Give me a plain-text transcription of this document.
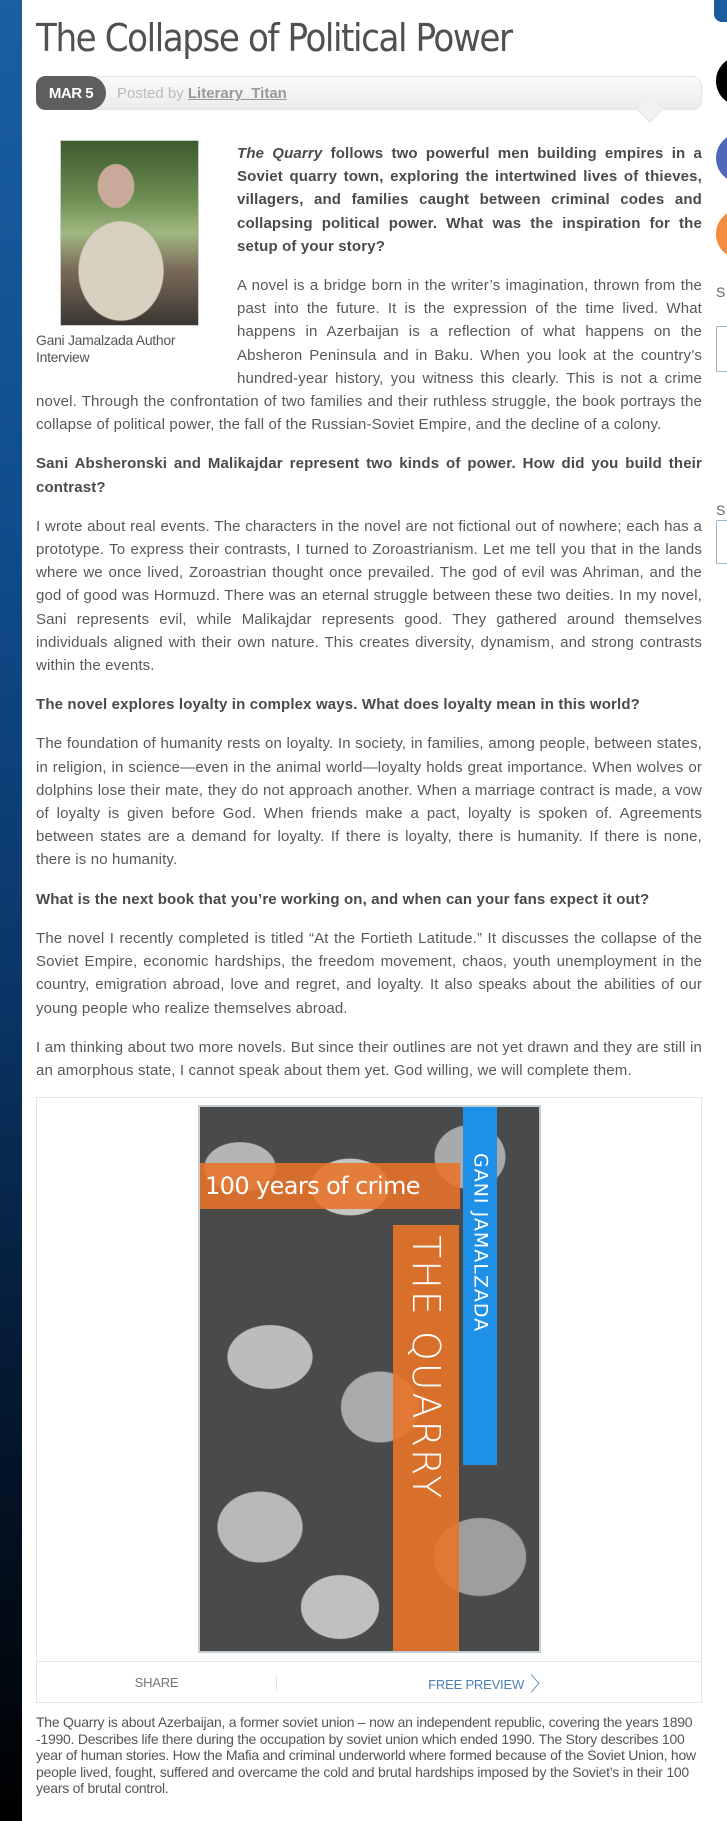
The Collapse of Political Power
MAR 5	Posted by Literary_Titan
Gani Jamalzada Author Interview

The Quarry follows two powerful men building empires in a Soviet quarry town, exploring the intertwined lives of thieves, villagers, and families caught between criminal codes and collapsing political power. What was the inspiration for the setup of your story?

A novel is a bridge born in the writer’s imagination, thrown from the past into the future. It is the expression of the time lived. What happens in Azerbaijan is a reflection of what happens on the Absheron Peninsula and in Baku. When you look at the country’s hundred-year history, you witness this clearly. This is not a crime novel. Through the confrontation of two families and their ruthless struggle, the book portrays the collapse of political power, the fall of the Russian-Soviet Empire, and the decline of a colony.

Sani Absheronski and Malikajdar represent two kinds of power. How did you build their contrast?

I wrote about real events. The characters in the novel are not fictional out of nowhere; each has a prototype. To express their contrasts, I turned to Zoroastrianism. Let me tell you that in the lands where we once lived, Zoroastrian thought once prevailed. The god of evil was Ahriman, and the god of good was Hormuzd. There was an eternal struggle between these two deities. In my novel, Sani represents evil, while Malikajdar represents good. They gathered around themselves individuals aligned with their own nature. This creates diversity, dynamism, and strong contrasts within the events.

The novel explores loyalty in complex ways. What does loyalty mean in this world?

The foundation of humanity rests on loyalty. In society, in families, among people, between states, in religion, in science—even in the animal world—loyalty holds great importance. When wolves or dolphins lose their mate, they do not approach another. When a marriage contract is made, a vow of loyalty is given before God. When friends make a pact, loyalty is spoken of. Agreements between states are a demand for loyalty. If there is loyalty, there is humanity. If there is none, there is no humanity.

What is the next book that you’re working on, and when can your fans expect it out?

The novel I recently completed is titled “At the Fortieth Latitude.” It discusses the collapse of the Soviet Empire, economic hardships, the freedom movement, chaos, youth unemployment in the country, emigration abroad, love and regret, and loyalty. It also speaks about the abilities of our young people who realize themselves abroad.

I am thinking about two more novels. But since their outlines are not yet drawn and they are still in an amorphous state, I cannot speak about them yet. God willing, we will complete them.

100 years of crime
THE QUARRY GANI JAMALZADA
SHARE	FREE PREVIEW 〉
The Quarry is about Azerbaijan, a former soviet union – now an independent republic, covering the years 1890 -1990. Describes life there during the occupation by soviet union which ended 1990. The Story describes 100 year of human stories. How the Mafia and criminal underworld where formed because of the Soviet Union, how people lived, fought, suffered and overcame the cold and brutal hardships imposed by the Soviet’s in their 100 years of brutal control.
S
S
